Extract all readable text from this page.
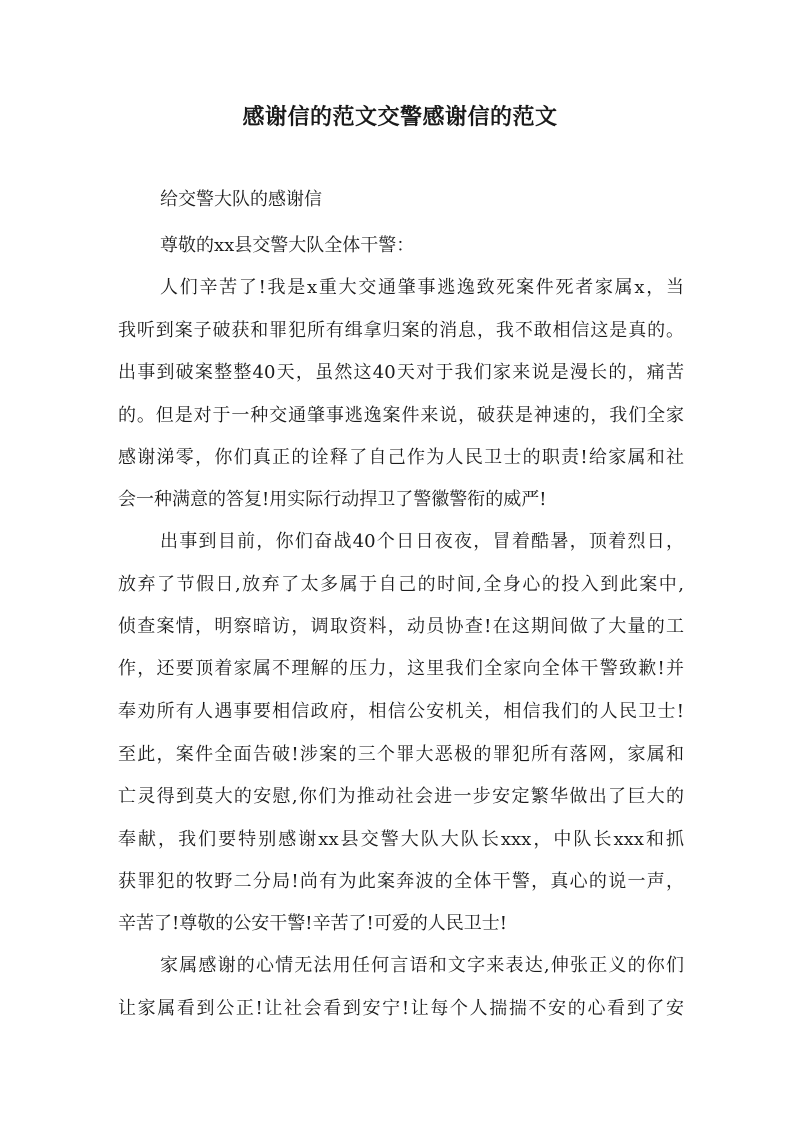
感谢信的范文交警感谢信的范文
给交警大队的感谢信
尊敬的xx县交警大队全体干警：
人们辛苦了!我是x重大交通肇事逃逸致死案件死者家属x，当
我听到案子破获和罪犯所有缉拿归案的消息，我不敢相信这是真的。
出事到破案整整40天，虽然这40天对于我们家来说是漫长的，痛苦
的。但是对于一种交通肇事逃逸案件来说，破获是神速的，我们全家
感谢涕零，你们真正的诠释了自己作为人民卫士的职责!给家属和社
会一种满意的答复!用实际行动捍卫了警徽警衔的威严!
出事到目前，你们奋战40个日日夜夜，冒着酷暑，顶着烈日，
放弃了节假日,放弃了太多属于自己的时间,全身心的投入到此案中,
侦查案情，明察暗访，调取资料，动员协查!在这期间做了大量的工
作，还要顶着家属不理解的压力，这里我们全家向全体干警致歉!并
奉劝所有人遇事要相信政府，相信公安机关，相信我们的人民卫士!
至此，案件全面告破!涉案的三个罪大恶极的罪犯所有落网，家属和
亡灵得到莫大的安慰,你们为推动社会进一步安定繁华做出了巨大的
奉献，我们要特别感谢xx县交警大队大队长xxx，中队长xxx和抓
获罪犯的牧野二分局!尚有为此案奔波的全体干警，真心的说一声，
辛苦了!尊敬的公安干警!辛苦了!可爱的人民卫士!
家属感谢的心情无法用任何言语和文字来表达,伸张正义的你们
让家属看到公正!让社会看到安宁!让每个人揣揣不安的心看到了安
